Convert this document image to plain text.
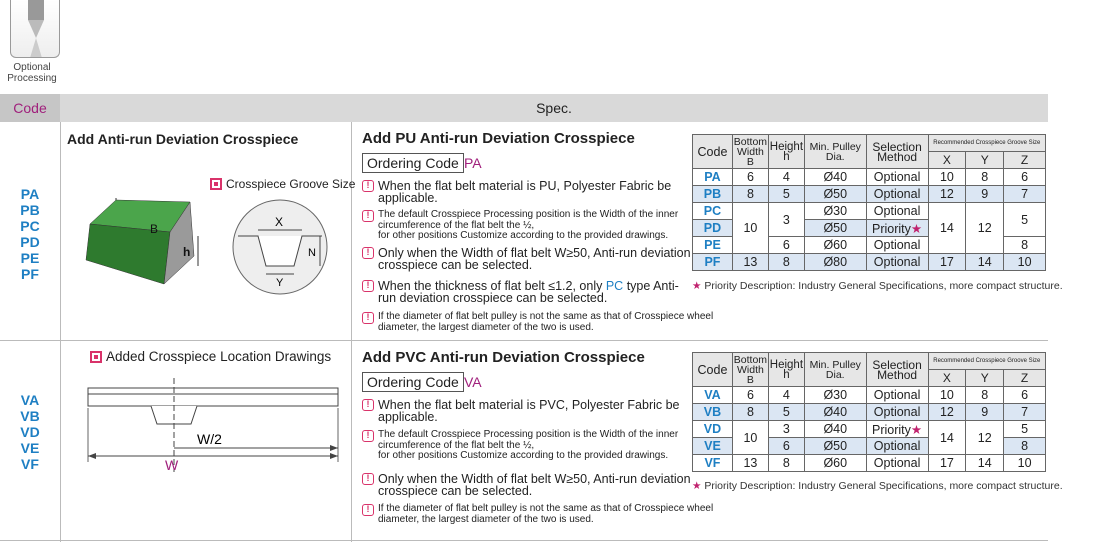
Optional
Processing
Code	Spec.
PA
PB
PC
PD
PE
PF
Add Anti-run Deviation Crosspiece
Crosspiece Groove Size
B
h
X
Y
N
Add PU Anti-run Deviation Crosspiece
Ordering Code PA
! When the flat belt material is PU, Polyester Fabric be applicable.
! The default Crosspiece Processing position is the Width of the inner circumference of the flat belt the ½,
for other positions Customize according to the provided drawings.
! Only when the Width of flat belt W≥50, Anti-run deviation crosspiece can be selected.
! When the thickness of flat belt ≤1.2, only PC type Anti-run deviation crosspiece can be selected.
! If the diameter of flat belt pulley is not the same as that of Crosspiece wheel diameter, the largest diameter of the two is used.
Code	Bottom Width B	Height h	Min. Pulley Dia.	Selection Method	Recommended Crosspiece Groove Size		
					X	Y	Z
PA	6	4	Ø40	Optional	10	8	6
PB	8	5	Ø50	Optional	12	9	7
PC	10	3	Ø30	Optional	14	12	5
PD			Ø50	Priority★			
PE		6	Ø60	Optional			8
PF	13	8	Ø80	Optional	17	14	10
★ Priority Description: Industry General Specifications, more compact structure.
VA
VB
VD
VE
VF
Added Crosspiece Location Drawings
W/2
W
Add PVC Anti-run Deviation Crosspiece
Ordering Code VA
! When the flat belt material is PVC, Polyester Fabric be applicable.
! The default Crosspiece Processing position is the Width of the inner circumference of the flat belt the ½,
for other positions Customize according to the provided drawings.
! Only when the Width of flat belt W≥50, Anti-run deviation crosspiece can be selected.
! If the diameter of flat belt pulley is not the same as that of Crosspiece wheel diameter, the largest diameter of the two is used.
Code	Bottom Width B	Height h	Min. Pulley Dia.	Selection Method	Recommended Crosspiece Groove Size		
					X	Y	Z
VA	6	4	Ø30	Optional	10	8	6
VB	8	5	Ø40	Optional	12	9	7
VD	10	3	Ø40	Priority★	14	12	5
VE		6	Ø50	Optional			8
VF	13	8	Ø60	Optional	17	14	10
★ Priority Description: Industry General Specifications, more compact structure.
